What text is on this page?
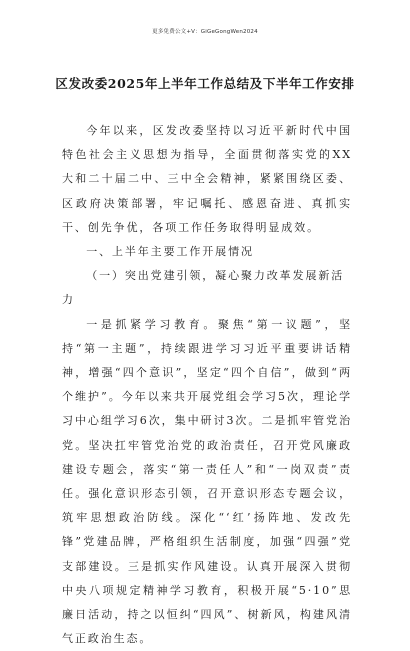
更多免费公文+V：GiGeGongWen2024
区发改委2025年上半年工作总结及下半年工作安排

今年以来，区发改委坚持以习近平新时代中国特色社会主义思想为指导，全面贯彻落实党的XX大和二十届二中、三中全会精神，紧紧围绕区委、区政府决策部署，牢记嘱托、感恩奋进、真抓实干、创先争优，各项工作任务取得明显成效。

一、上半年主要工作开展情况

（一）突出党建引领，凝心聚力改革发展新活力

一是抓紧学习教育。聚焦“第一议题”，坚持“第一主题”，持续跟进学习习近平重要讲话精神，增强“四个意识”，坚定“四个自信”，做到“两个维护”。今年以来共开展党组会学习5次，理论学习中心组学习6次，集中研讨3次。二是抓牢管党治党。坚决扛牢管党治党的政治责任，召开党风廉政建设专题会，落实“第一责任人”和“一岗双责”责任。强化意识形态引领，召开意识形态专题会议，筑牢思想政治防线。深化“‘红’扬阵地、发改先锋”党建品牌，严格组织生活制度，加强“四强”党支部建设。三是抓实作风建设。认真开展深入贯彻中央八项规定精神学习教育，积极开展“5·10”思廉日活动，持之以恒纠“四风”、树新风，构建风清气正政治生态。
